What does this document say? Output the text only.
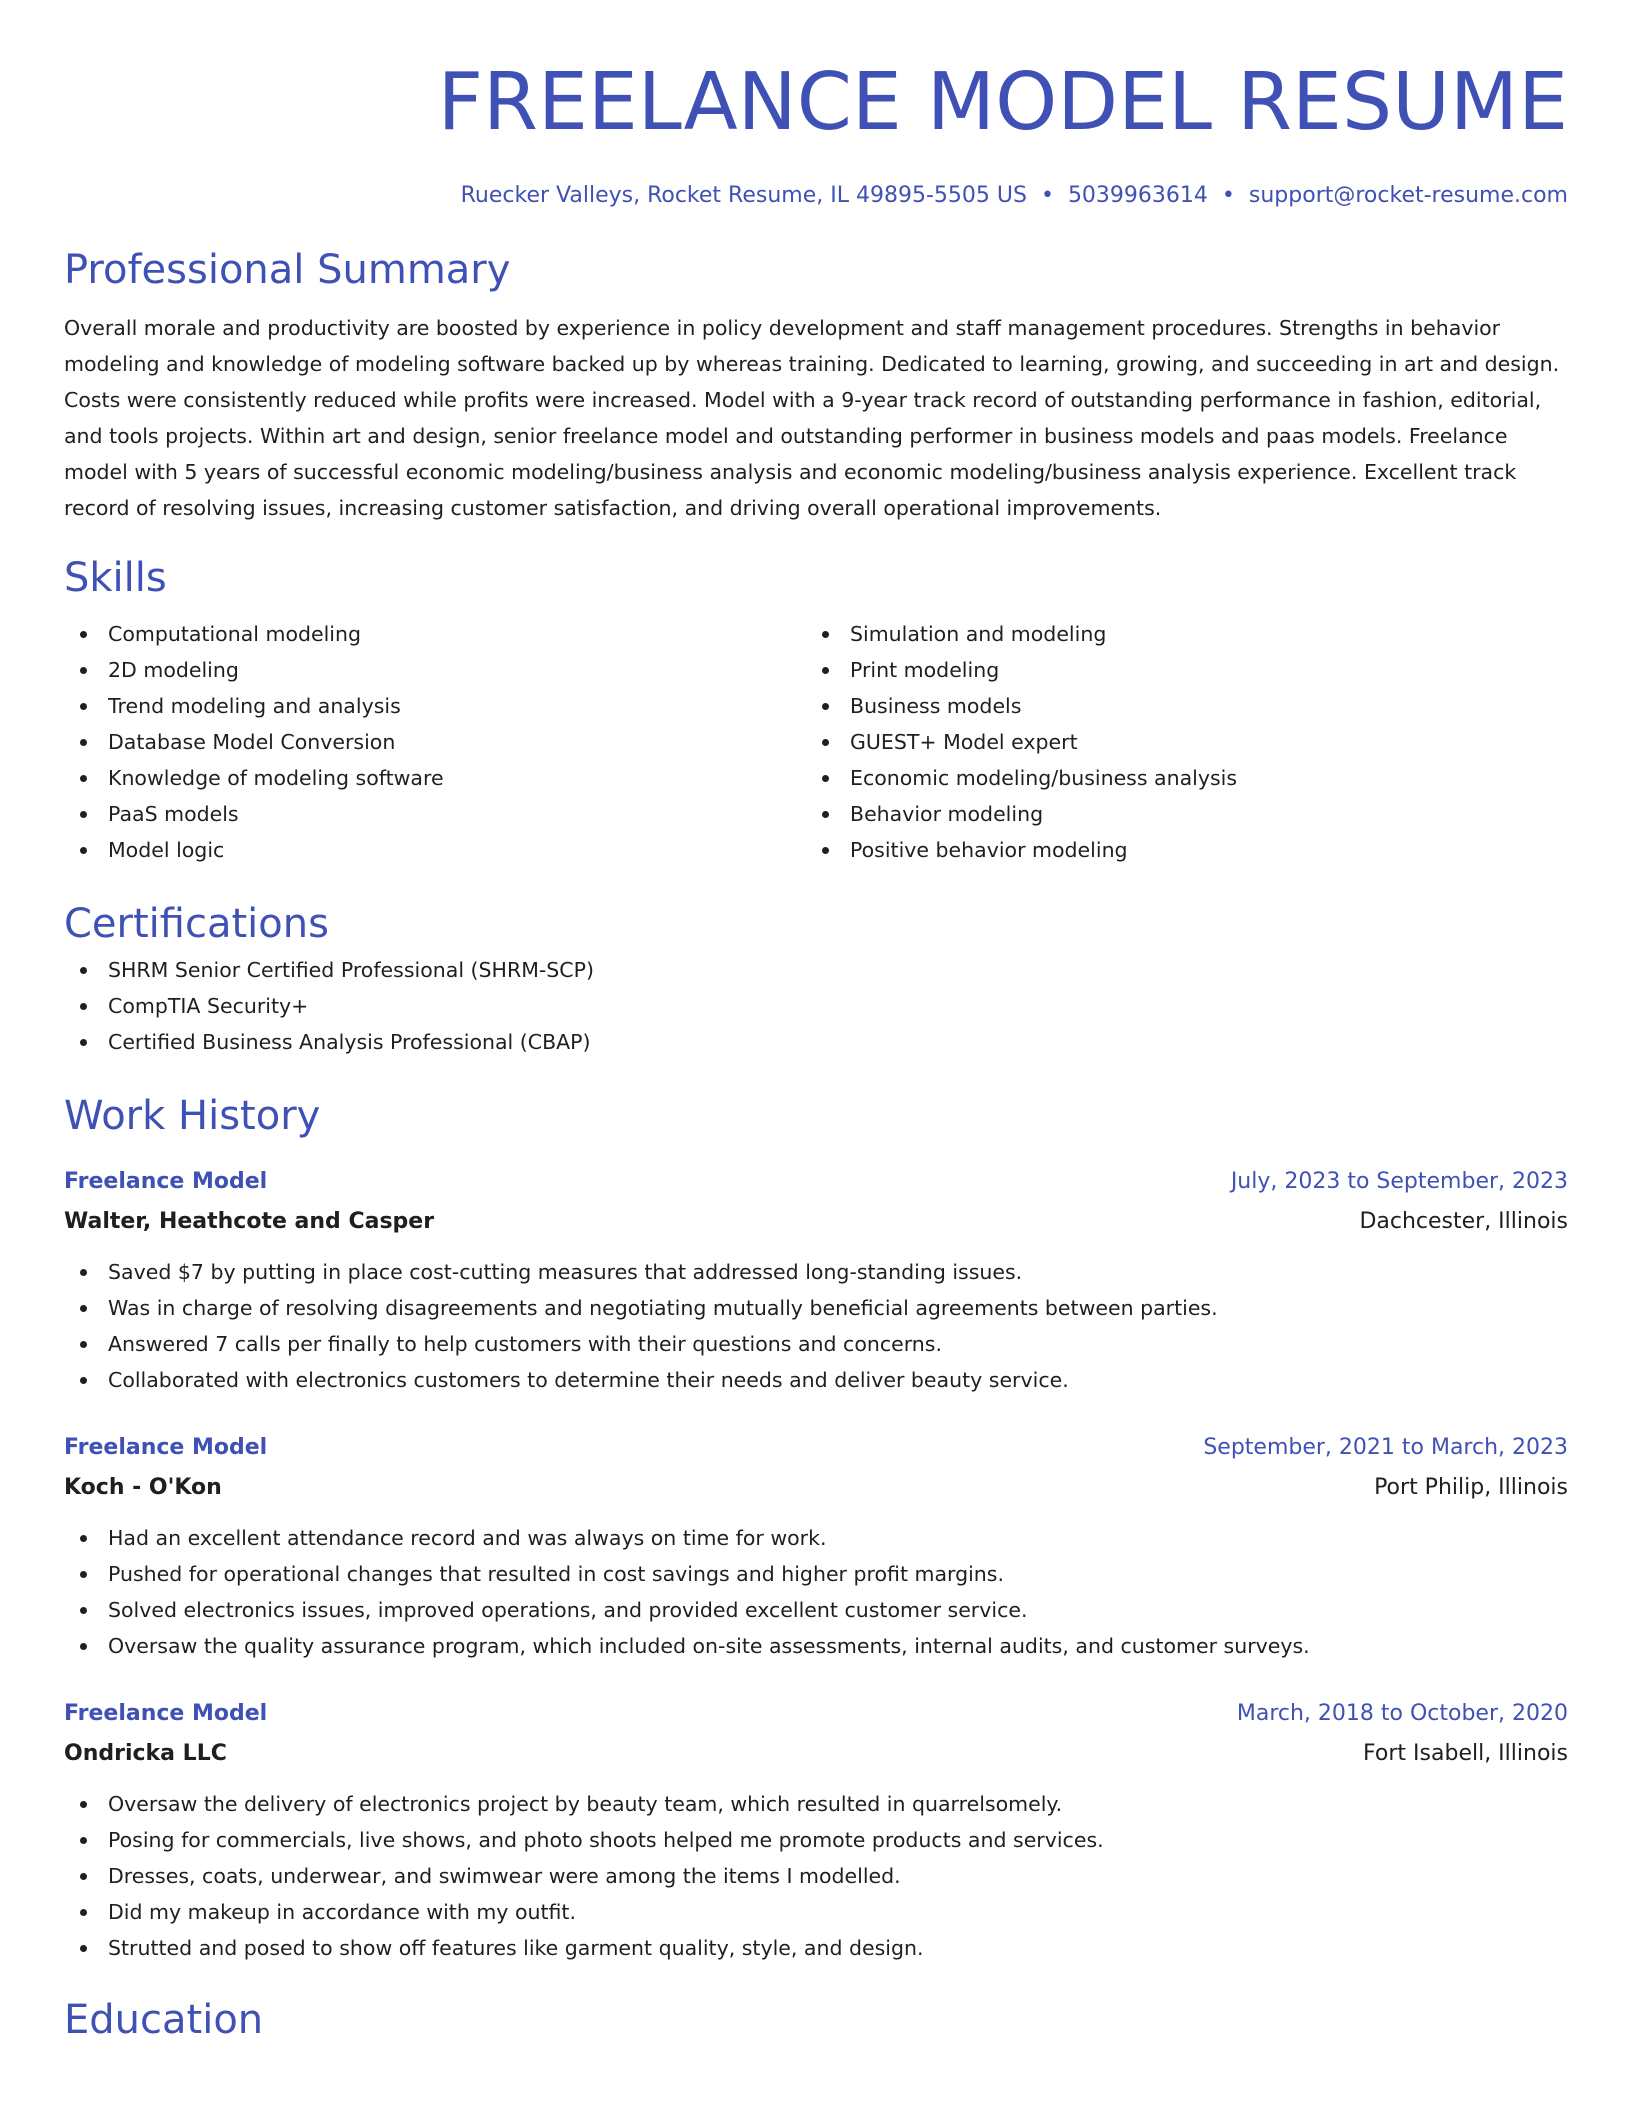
FREELANCE MODEL RESUME
Ruecker Valleys, Rocket Resume, IL 49895-5505 US • 5039963614 • support@rocket-resume.com
Professional Summary

Overall morale and productivity are boosted by experience in policy development and staff management procedures. Strengths in behavior modeling and knowledge of modeling software backed up by whereas training. Dedicated to learning, growing, and succeeding in art and design. Costs were consistently reduced while profits were increased. Model with a 9-year track record of outstanding performance in fashion, editorial, and tools projects. Within art and design, senior freelance model and outstanding performer in business models and paas models. Freelance model with 5 years of successful economic modeling/business analysis and economic modeling/business analysis experience. Excellent track record of resolving issues, increasing customer satisfaction, and driving overall operational improvements.

Skills
Computational modeling
2D modeling
Trend modeling and analysis
Database Model Conversion
Knowledge of modeling software
PaaS models
Model logic
Simulation and modeling
Print modeling
Business models
GUEST+ Model expert
Economic modeling/business analysis
Behavior modeling
Positive behavior modeling
Certifications
SHRM Senior Certified Professional (SHRM-SCP)
CompTIA Security+
Certified Business Analysis Professional (CBAP)
Work History
Freelance Model	July, 2023 to September, 2023
Walter, Heathcote and Casper	Dachcester, Illinois
Saved $7 by putting in place cost-cutting measures that addressed long-standing issues.
Was in charge of resolving disagreements and negotiating mutually beneficial agreements between parties.
Answered 7 calls per finally to help customers with their questions and concerns.
Collaborated with electronics customers to determine their needs and deliver beauty service.
Freelance Model	September, 2021 to March, 2023
Koch - O'Kon	Port Philip, Illinois
Had an excellent attendance record and was always on time for work.
Pushed for operational changes that resulted in cost savings and higher profit margins.
Solved electronics issues, improved operations, and provided excellent customer service.
Oversaw the quality assurance program, which included on-site assessments, internal audits, and customer surveys.
Freelance Model	March, 2018 to October, 2020
Ondricka LLC	Fort Isabell, Illinois
Oversaw the delivery of electronics project by beauty team, which resulted in quarrelsomely.
Posing for commercials, live shows, and photo shoots helped me promote products and services.
Dresses, coats, underwear, and swimwear were among the items I modelled.
Did my makeup in accordance with my outfit.
Strutted and posed to show off features like garment quality, style, and design.
Education
